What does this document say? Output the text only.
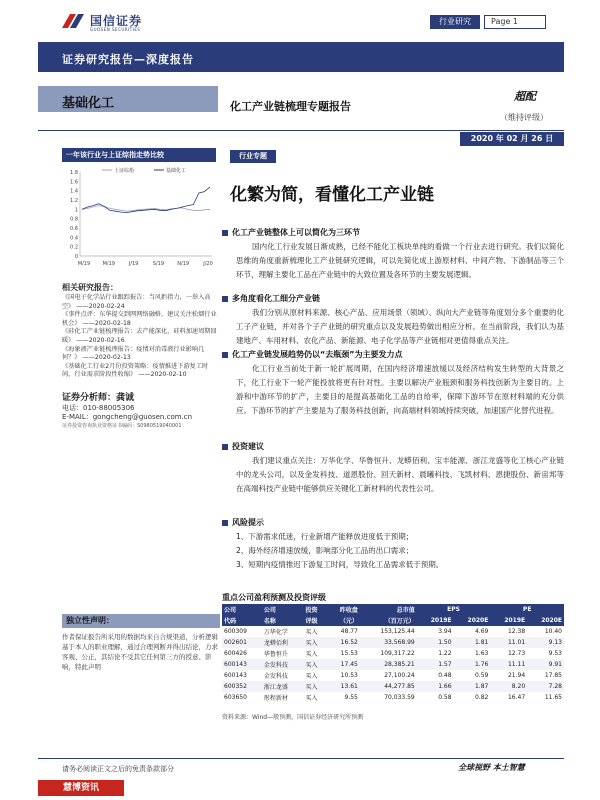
国信证券
GUOSEN SECURITIES
行业研究	Page 1
证券研究报告—深度报告
基础化工	化工产业链梳理专题报告
超配
（维持评级）
2020 年 02 月 26 日
一年该行业与上证综指走势比较
1.8
1.6
1.4
1.2
1
0.8
0.6
0.4
0.2
0
M/19 M/19	J/19	S/19	N/19	J/20
上证综指	基础化工
相关研究报告：
《国电子化学品行业跟踪报告：当风拒指力，一举入高空》 ——2020-02-24
《事件点评：东华提交到网网络融格，建议关注松烟行业机会》 ——2020-02-18
《硅化工产业链梳理报告：去产能深化，硅料加速周期回暖》 ——2020-02-16
《海象液产业链梳理报告：疫情对消毒液行业影响几何？》 ——2020-02-13
《基础化工行业2月份投资策略：疫情推进下游复工时间，行业需求阶段性收缩》 ——2020-02-10
证券分析师：龚诚
电话：010-88005306
E-MAIL：gongcheng@guosen.com.cn
证券投资咨询执业资格证书编码：S0980519040001
独立性声明：
作者保证报告所采用的数据均来自合规渠道，分析逻辑基于本人的职业理解，通过合理判断并得出结论，力求客观、公正，其结论不受其它任何第三方的授意、影响，特此声明
行业专题
化繁为简，看懂化工产业链
化工产业链整体上可以简化为三环节
国内化工行业发展日渐成熟，已经不能化工板块单纯的看做一个行业去进行研究。我们以简化思维的角度重新梳理化工产业链研究逻辑，可以先简化成上游原材料、中间产物、下游制品等三个环节，理解主要化工品在产业链中的大致位置及各环节的主要发展逻辑。
多角度看化工细分产业链
我们分别从原材料来源、核心产品、应用场景（领域）、纵向大产业链等角度划分多个重要的化工子产业链，并对各个子产业链的研究重点以及发展趋势做出相应分析。在当前阶段，我们认为基建地产、车用材料、农化产品、新能源、电子化学品等产业链相对更值得重点关注。
化工产业链发展趋势仍以“去瓶颈”为主要发力点
化工行业当前处于新一轮扩展周期，在国内经济增速放缓以及经济结构发生转型的大背景之下，化工行业下一轮产能投放将更有针对性。主要以解决产业瓶颈和服务科技创新为主要目的。上游和中游环节的扩产，主要目的是提高基础化工品的自给率，保障下游环节在原材料端的充分供应。下游环节的扩产主要是为了服务科技创新，向高端材料领域持续突破，加速国产化替代进程。
投资建议
我们建议重点关注：万华化学、华鲁恒升、龙蟒佰利、宝丰能源、浙江龙盛等化工核心产业链中的龙头公司，以及金发科技、道恩股份、回天新材、晨曦科技、飞凯材料、恩捷股份、新宙邦等在高端科技产业链中能够供应关键化工新材料的代表性公司。
风险提示
1、下游需求低迷，行业新增产能释放进度低于预期；
2、海外经济增速放缓，影响部分化工品的出口需求；
3、短期内疫情推迟下游复工时间，导致化工品需求低于预期。
重点公司盈利预测及投资评级
公司	公司	投资	昨收盘	总市值	EPS		PE	
代码	名称	评级	（元）	（百万元）	2019E	2020E	2019E	2020E
600309	万华化学	买入	48.77	153,125.44	3.94	4.69	12.38	10.40
002601	龙蟒佰利	买入	16.52	33,568.99	1.50	1.81	11.01	9.13
600426	华鲁恒升	买入	15.53	109,317.22	1.22	1.63	12.73	9.53
600143	金发科技	买入	17.45	28,385.21	1.57	1.76	11.11	9.91
600143	金发科技	买入	10.53	27,100.24	0.48	0.59	21.94	17.85
600352	浙江龙盛	买入	13.61	44,277.85	1.66	1.87	8.20	7.28
603650	彤程新材	买入	9.55	70,033.59	0.58	0.82	16.47	11.65
资料来源：Wind—般预测，国信证券经济研究所预测
请务必阅读正文之后的免责条款部分	全球视野 本土智慧
慧博资讯
